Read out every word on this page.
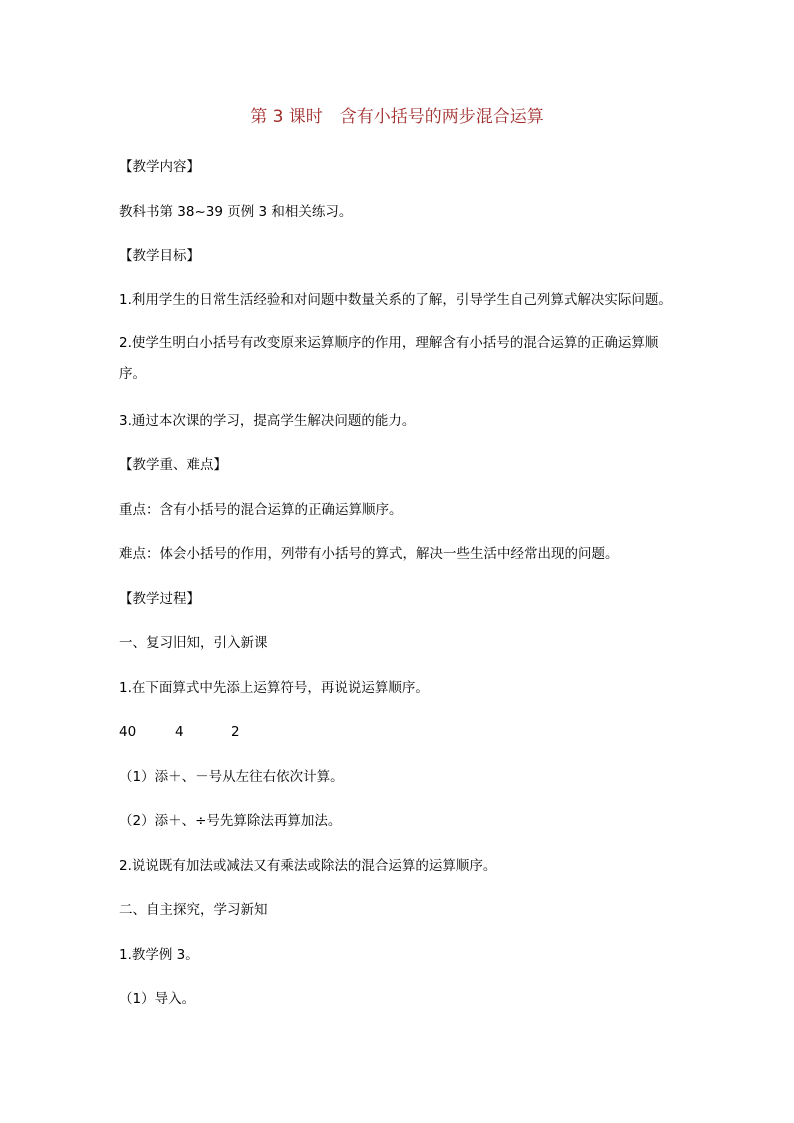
第 3 课时　含有小括号的两步混合运算
【教学内容】
教科书第 38~39 页例 3 和相关练习。
【教学目标】
1.利用学生的日常生活经验和对问题中数量关系的了解，引导学生自己列算式解决实际问题。
2.使学生明白小括号有改变原来运算顺序的作用，理解含有小括号的混合运算的正确运算顺序。
3.通过本次课的学习，提高学生解决问题的能力。
【教学重、难点】
重点：含有小括号的混合运算的正确运算顺序。
难点：体会小括号的作用，列带有小括号的算式，解决一些生活中经常出现的问题。
【教学过程】
一、复习旧知，引入新课
1.在下面算式中先添上运算符号，再说说运算顺序。
40	4	2
（1）添＋、－号从左往右依次计算。
（2）添＋、÷号先算除法再算加法。
2.说说既有加法或减法又有乘法或除法的混合运算的运算顺序。
二、自主探究，学习新知
1.教学例 3。
（1）导入。
